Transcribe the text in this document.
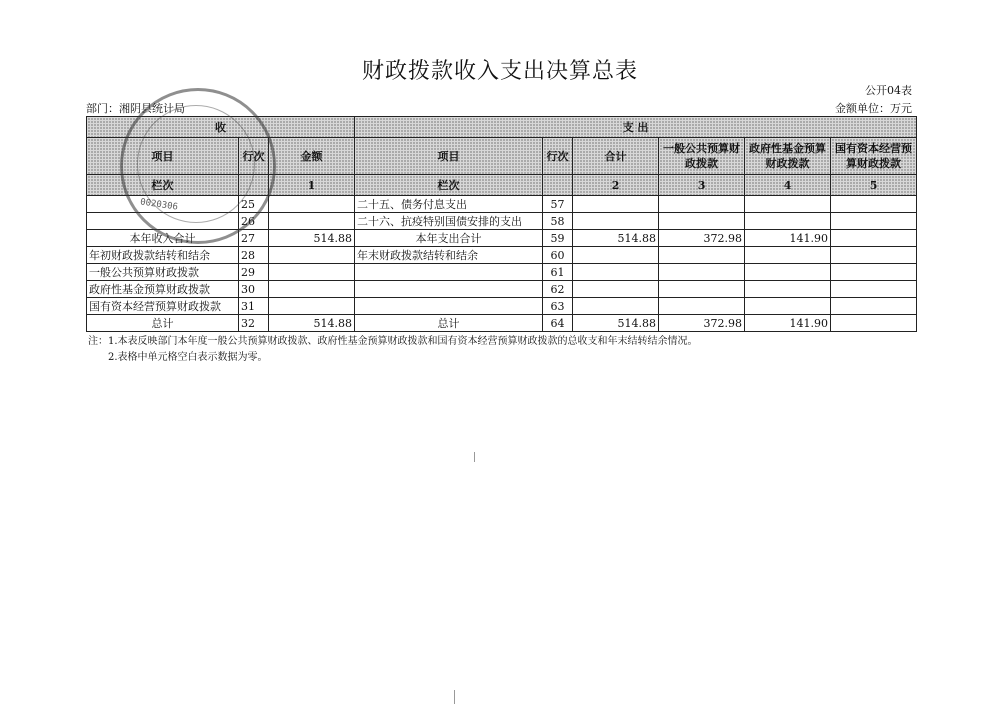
财政拨款收入支出决算总表
公开04表
部门：湘阴县统计局	金额单位：万元
收			支 出					
项目	行次	金额	项目	行次	合计	一般公共预算财政拨款	政府性基金预算财政拨款	国有资本经营预算财政拨款
栏次		1	栏次		2	3	4	5
	25		二十五、债务付息支出	57				
	26		二十六、抗疫特别国债安排的支出	58				
本年收入合计	27	514.88	本年支出合计	59	514.88	372.98	141.90	
年初财政拨款结转和结余	28		年末财政拨款结转和结余	60				
一般公共预算财政拨款	29			61				
政府性基金预算财政拨款	30			62				
国有资本经营预算财政拨款	31			63				
总计	32	514.88	总计	64	514.88	372.98	141.90	
0020306
注：1.本表反映部门本年度一般公共预算财政拨款、政府性基金预算财政拨款和国有资本经营预算财政拨款的总收支和年末结转结余情况。
2.表格中单元格空白表示数据为零。
